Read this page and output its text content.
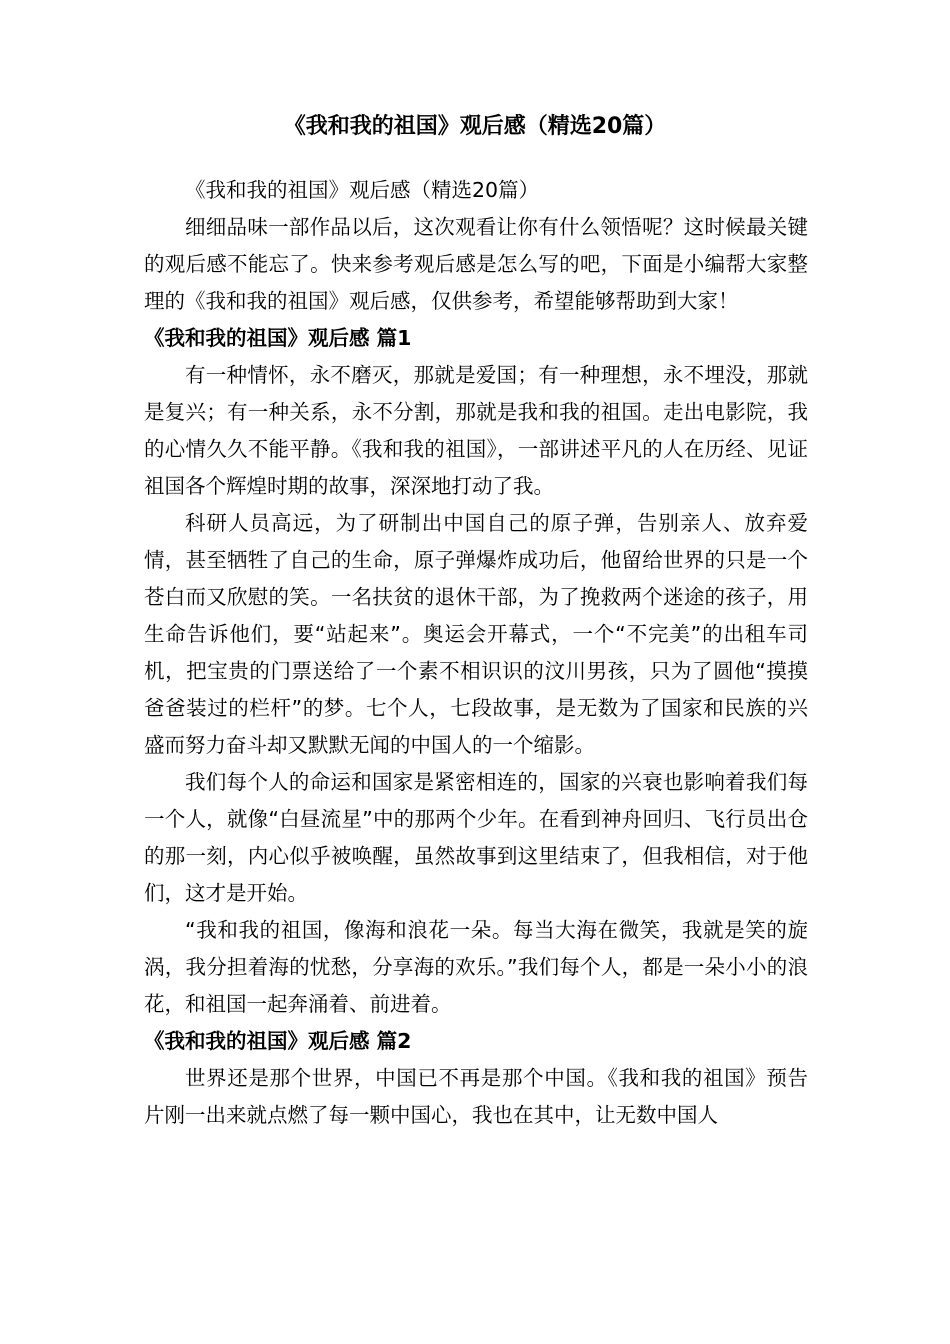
《我和我的祖国》观后感（精选20篇）

《我和我的祖国》观后感（精选20篇）

细细品味一部作品以后，这次观看让你有什么领悟呢？这时候最关键的观后感不能忘了。快来参考观后感是怎么写的吧，下面是小编帮大家整理的《我和我的祖国》观后感，仅供参考，希望能够帮助到大家！

《我和我的祖国》观后感 篇1

有一种情怀，永不磨灭，那就是爱国；有一种理想，永不埋没，那就是复兴；有一种关系，永不分割，那就是我和我的祖国。走出电影院，我的心情久久不能平静。《我和我的祖国》，一部讲述平凡的人在历经、见证祖国各个辉煌时期的故事，深深地打动了我。

科研人员高远，为了研制出中国自己的原子弹，告别亲人、放弃爱情，甚至牺牲了自己的生命，原子弹爆炸成功后，他留给世界的只是一个苍白而又欣慰的笑。一名扶贫的退休干部，为了挽救两个迷途的孩子，用生命告诉他们，要“站起来”。奥运会开幕式，一个“不完美”的出租车司机，把宝贵的门票送给了一个素不相识识的汶川男孩，只为了圆他“摸摸爸爸装过的栏杆”的梦。七个人，七段故事，是无数为了国家和民族的兴盛而努力奋斗却又默默无闻的中国人的一个缩影。

我们每个人的命运和国家是紧密相连的，国家的兴衰也影响着我们每一个人，就像“白昼流星”中的那两个少年。在看到神舟回归、飞行员出仓的那一刻，内心似乎被唤醒，虽然故事到这里结束了，但我相信，对于他们，这才是开始。

“我和我的祖国，像海和浪花一朵。每当大海在微笑，我就是笑的旋涡，我分担着海的忧愁，分享海的欢乐。”我们每个人，都是一朵小小的浪花，和祖国一起奔涌着、前进着。

《我和我的祖国》观后感 篇2

世界还是那个世界，中国已不再是那个中国。《我和我的祖国》预告片刚一出来就点燃了每一颗中国心，我也在其中，让无数中国人
